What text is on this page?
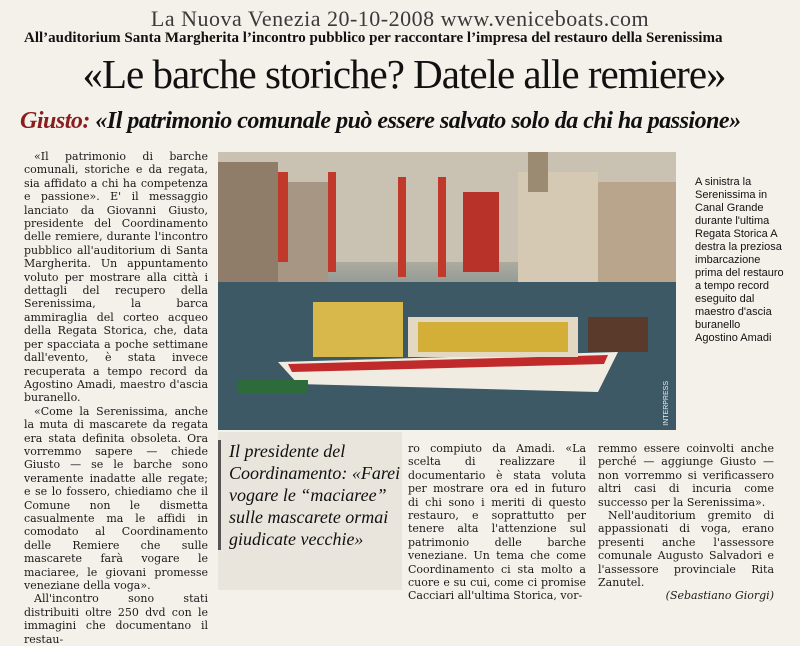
La Nuova Venezia 20-10-2008 www.veniceboats.com
All’auditorium Santa Margherita l’incontro pubblico per raccontare l’impresa del restauro della Serenissima
«Le barche storiche? Datele alle remiere»
Giusto: «Il patrimonio comunale può essere salvato solo da chi ha passione»

«Il patrimonio di barche comunali, storiche e da regata, sia affidato a chi ha competenza e passione». E' il messaggio lanciato da Giovanni Giusto, presidente del Coordinamento delle remiere, durante l'incontro pubblico all'auditorium di Santa Margherita. Un appuntamento voluto per mostrare alla città i dettagli del recupero della Serenissima, la barca ammiraglia del corteo acqueo della Regata Storica, che, data per spacciata a poche settimane dall'evento, è stata invece recuperata a tempo record da Agostino Amadi, maestro d'ascia buranello.

«Come la Serenissima, anche la muta di mascarete da regata era stata definita obsoleta. Ora vorremmo sapere — chiede Giusto — se le barche sono veramente inadatte alle regate; e se lo fossero, chiediamo che il Comune non le dismetta casualmente ma le affidi in comodato al Coordinamento delle Remiere che sulle mascarete farà vogare le maciaree, le giovani promesse veneziane della voga».

All'incontro sono stati distribuiti oltre 250 dvd con le immagini che documentano il restau-

INTERPRESS
A sinistra la Serenissima in Canal Grande durante l'ultima Regata Storica A destra la preziosa imbarcazione prima del restauro a tempo record eseguito dal maestro d'ascia buranello Agostino Amadi
Il presidente del Coordinamento: «Farei vogare le “maciaree” sulle mascarete ormai giudicate vecchie»

ro compiuto da Amadi. «La scelta di realizzare il documentario è stata voluta per mostrare ora ed in futuro di chi sono i meriti di questo restauro, e soprattutto per tenere alta l'attenzione sul patrimonio delle barche veneziane. Un tema che come Coordinamento ci sta molto a cuore e su cui, come ci promise Cacciari all'ultima Storica, vor-

remmo essere coinvolti anche perché — aggiunge Giusto — non vorremmo si verificassero altri casi di incuria come successo per la Serenissima».

Nell'auditorium gremito di appassionati di voga, erano presenti anche l'assessore comunale Augusto Salvadori e l'assessore provinciale Rita Zanutel.

(Sebastiano Giorgi)
